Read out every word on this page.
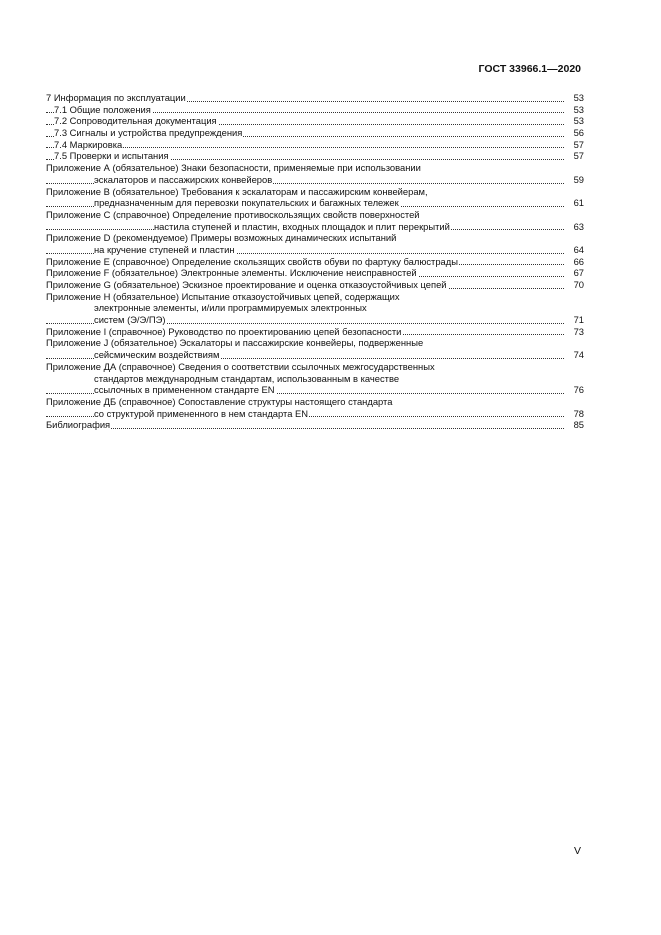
ГОСТ 33966.1—2020
7 Информация по эксплуатации	53
7.1 Общие положения	53
7.2 Сопроводительная документация	53
7.3 Сигналы и устройства предупреждения	56
7.4 Маркировка	57
7.5 Проверки и испытания	57
Приложение А (обязательное) Знаки безопасности, применяемые при использовании
эскалаторов и пассажирских конвейеров	59
Приложение В (обязательное) Требования к эскалаторам и пассажирским конвейерам,
предназначенным для перевозки покупательских и багажных тележек	61
Приложение С (справочное) Определение противоскользящих свойств поверхностей
настила ступеней и пластин, входных площадок и плит перекрытий	63
Приложение D (рекомендуемое) Примеры возможных динамических испытаний
на кручение ступеней и пластин	64
Приложение Е (справочное) Определение скользящих свойств обуви по фартуку балюстрады	66
Приложение F (обязательное) Электронные элементы. Исключение неисправностей	67
Приложение G (обязательное) Эскизное проектирование и оценка отказоустойчивых цепей	70
Приложение Н (обязательное) Испытание отказоустойчивых цепей, содержащих
электронные элементы, и/или программируемых электронных
систем (Э/Э/ПЭ)	71
Приложение I (справочное) Руководство по проектированию цепей безопасности	73
Приложение J (обязательное) Эскалаторы и пассажирские конвейеры, подверженные
сейсмическим воздействиям	74
Приложение ДА (справочное) Сведения о соответствии ссылочных межгосударственных
стандартов международным стандартам, использованным в качестве
ссылочных в примененном стандарте EN	76
Приложение ДБ (справочное) Сопоставление структуры настоящего стандарта
со структурой примененного в нем стандарта EN	78
Библиография	85
V
